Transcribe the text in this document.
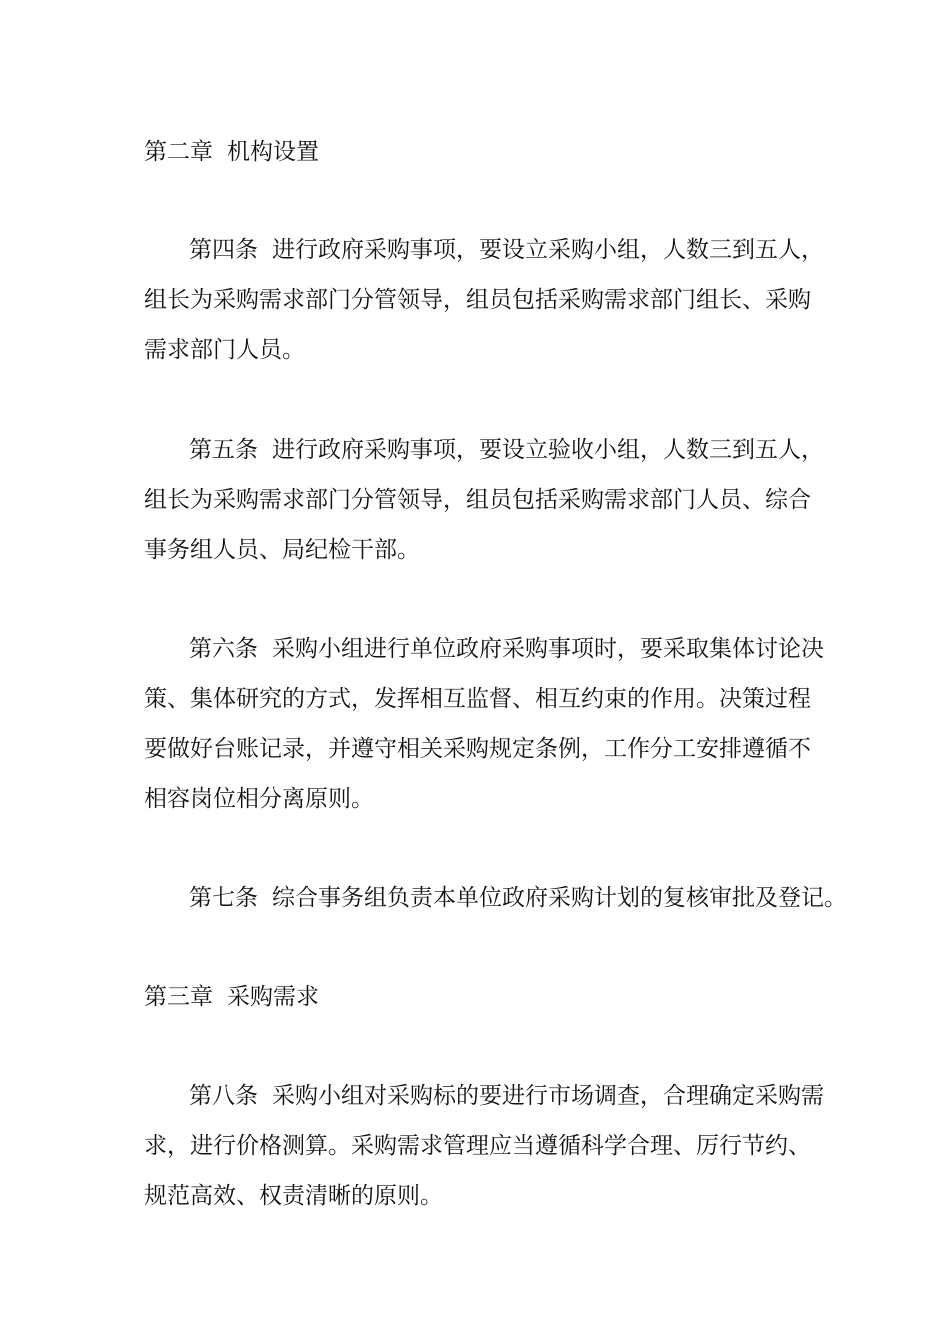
第二章 机构设置
第四条 进行政府采购事项，要设立采购小组，人数三到五人，
组长为采购需求部门分管领导，组员包括采购需求部门组长、采购
需求部门人员。
第五条 进行政府采购事项，要设立验收小组，人数三到五人，
组长为采购需求部门分管领导，组员包括采购需求部门人员、综合
事务组人员、局纪检干部。
第六条 采购小组进行单位政府采购事项时，要采取集体讨论决
策、集体研究的方式，发挥相互监督、相互约束的作用。决策过程
要做好台账记录，并遵守相关采购规定条例，工作分工安排遵循不
相容岗位相分离原则。
第七条 综合事务组负责本单位政府采购计划的复核审批及登记。
第三章 采购需求
第八条 采购小组对采购标的要进行市场调查，合理确定采购需
求，进行价格测算。采购需求管理应当遵循科学合理、厉行节约、
规范高效、权责清晰的原则。
